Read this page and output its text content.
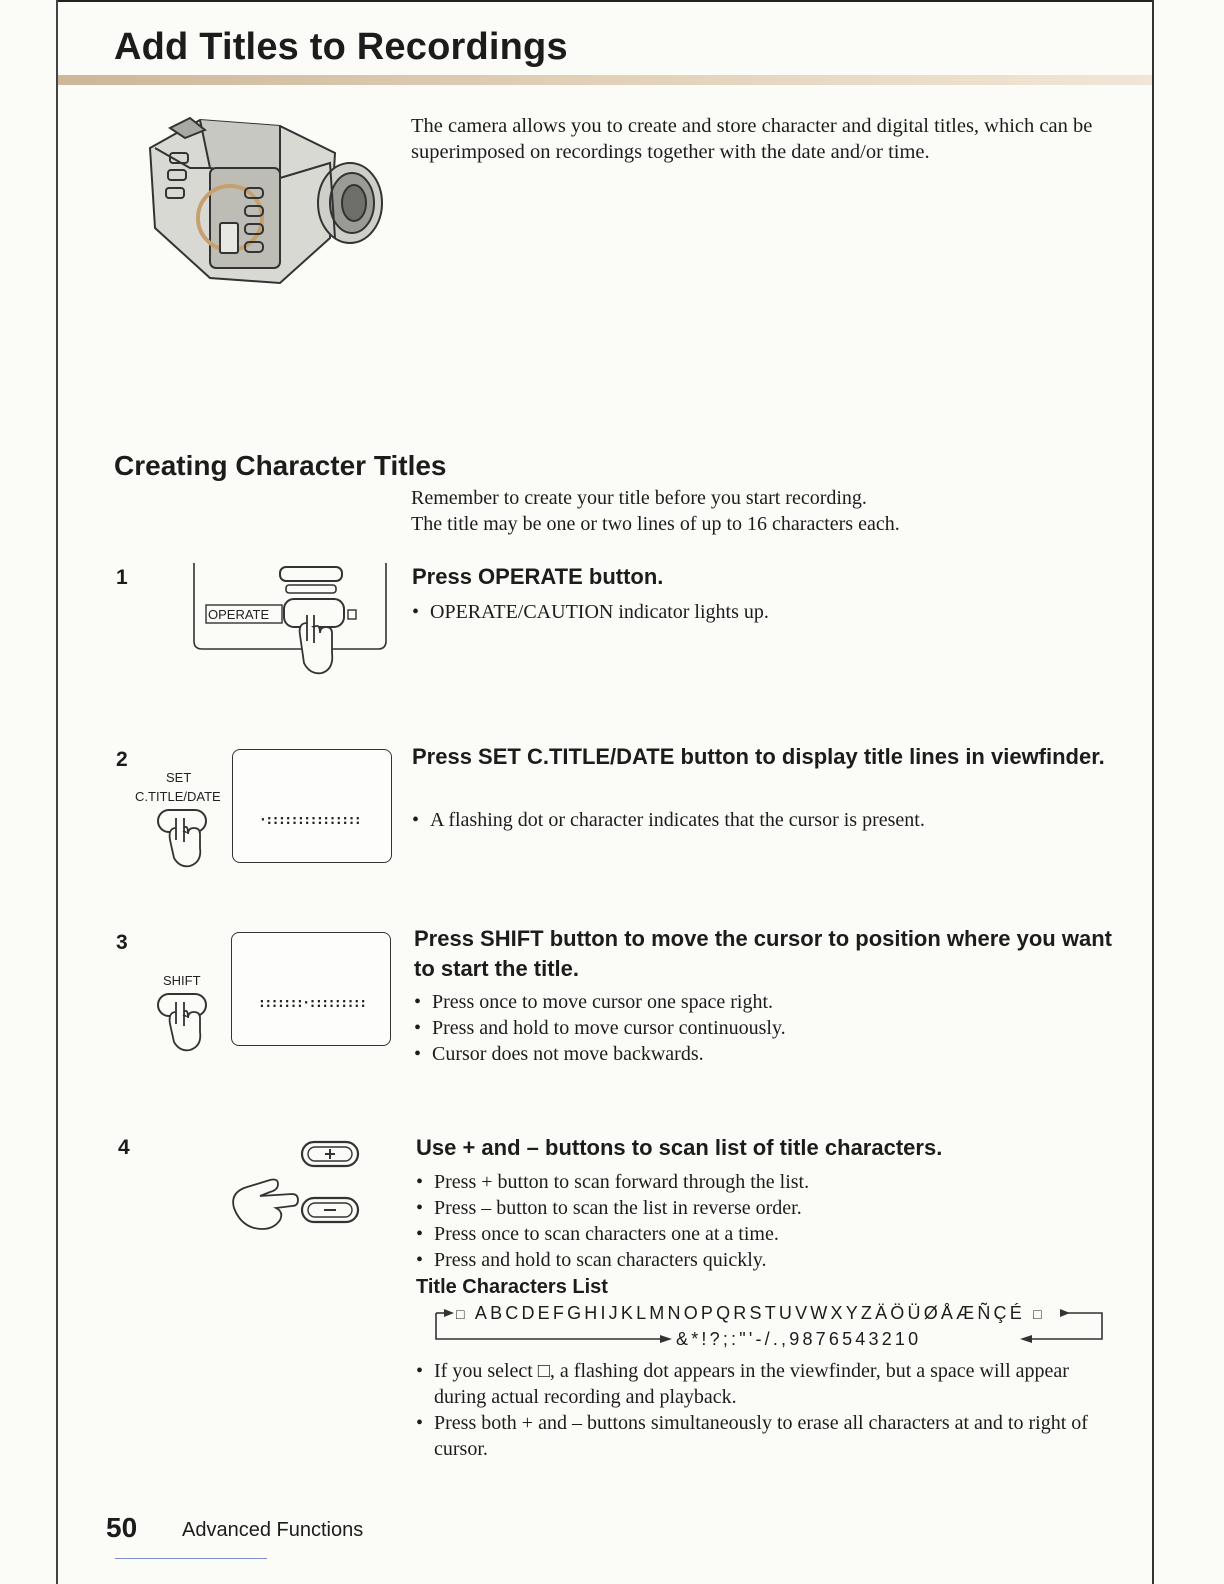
Add Titles to Recordings
The camera allows you to create and store character and digital titles, which can be superimposed on recordings together with the date and/or time.
Creating Character Titles
Remember to create your title before you start recording.
The title may be one or two lines of up to 16 characters each.
1
OPERATE
Press OPERATE button.
• OPERATE/CAUTION indicator lights up.
2
SET
C.TITLE/DATE
·:::::::::::::::
Press SET C.TITLE/DATE button to display title lines in viewfinder.
• A flashing dot or character indicates that the cursor is present.
3
SHIFT
:::::::·:::::::::
Press SHIFT button to move the cursor to position where you want to start the title.
• Press once to move cursor one space right.
• Press and hold to move cursor continuously.
• Cursor does not move backwards.
4	Use + and – buttons to scan list of title characters.
• Press + button to scan forward through the list.
• Press – button to scan the list in reverse order.
• Press once to scan characters one at a time.
• Press and hold to scan characters quickly.
Title Characters List
□ ABCDEFGHIJKLMNOPQRSTUVWXYZÄÖÜØÅÆÑÇÉ □
&*!?;:"'-/.,9876543210
• If you select □, a flashing dot appears in the viewfinder, but a space will appear during actual recording and playback.
• Press both + and – buttons simultaneously to erase all characters at and to right of cursor.
50 Advanced Functions
